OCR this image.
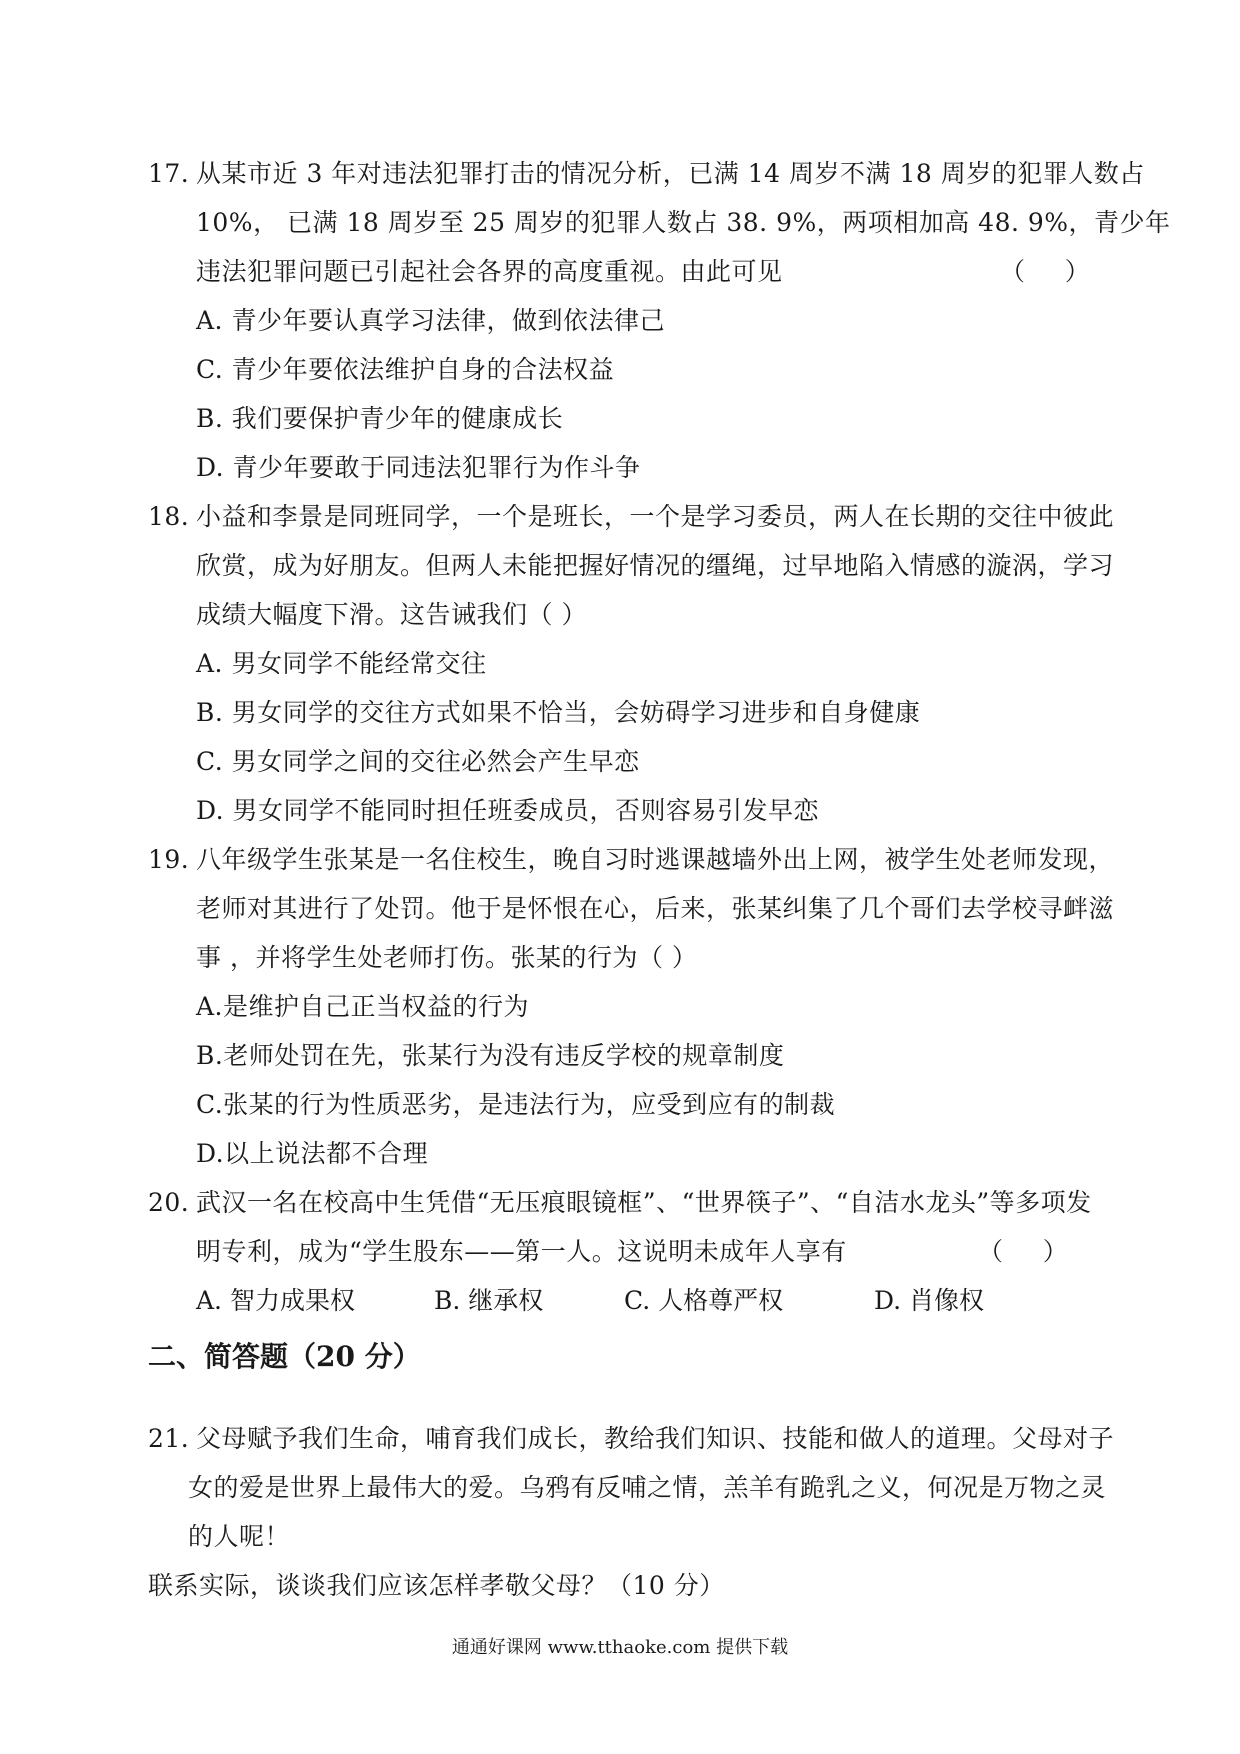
17. 从某市近 3 年对违法犯罪打击的情况分析，已满 14 周岁不满 18 周岁的犯罪人数占
10%， 已满 18 周岁至 25 周岁的犯罪人数占 38. 9%，两项相加高 48. 9%，青少年
违法犯罪问题已引起社会各界的高度重视。由此可见	（     ）
A. 青少年要认真学习法律，做到依法律己
C. 青少年要依法维护自身的合法权益
B. 我们要保护青少年的健康成长
D. 青少年要敢于同违法犯罪行为作斗争
18. 小益和李景是同班同学，一个是班长，一个是学习委员，两人在长期的交往中彼此
欣赏，成为好朋友。但两人未能把握好情况的缰绳，过早地陷入情感的漩涡，学习
成绩大幅度下滑。这告诫我们（ ）
A. 男女同学不能经常交往
B. 男女同学的交往方式如果不恰当，会妨碍学习进步和自身健康
C. 男女同学之间的交往必然会产生早恋
D. 男女同学不能同时担任班委成员，否则容易引发早恋
19. 八年级学生张某是一名住校生，晚自习时逃课越墙外出上网，被学生处老师发现，
老师对其进行了处罚。他于是怀恨在心，后来，张某纠集了几个哥们去学校寻衅滋
事 ，并将学生处老师打伤。张某的行为（ ）
A.是维护自己正当权益的行为
B.老师处罚在先，张某行为没有违反学校的规章制度
C.张某的行为性质恶劣，是违法行为，应受到应有的制裁
D.以上说法都不合理
20. 武汉一名在校高中生凭借“无压痕眼镜框”、“世界筷子”、“自洁水龙头”等多项发
明专利，成为“学生股东——第一人。这说明未成年人享有	（     ）
A. 智力成果权	B. 继承权	C. 人格尊严权	D. 肖像权
二、简答题（20 分）
21. 父母赋予我们生命，哺育我们成长，教给我们知识、技能和做人的道理。父母对子
女的爱是世界上最伟大的爱。乌鸦有反哺之情，羔羊有跪乳之义，何况是万物之灵
的人呢！
联系实际，谈谈我们应该怎样孝敬父母？（10 分）
通通好课网 www.tthaoke.com 提供下载
